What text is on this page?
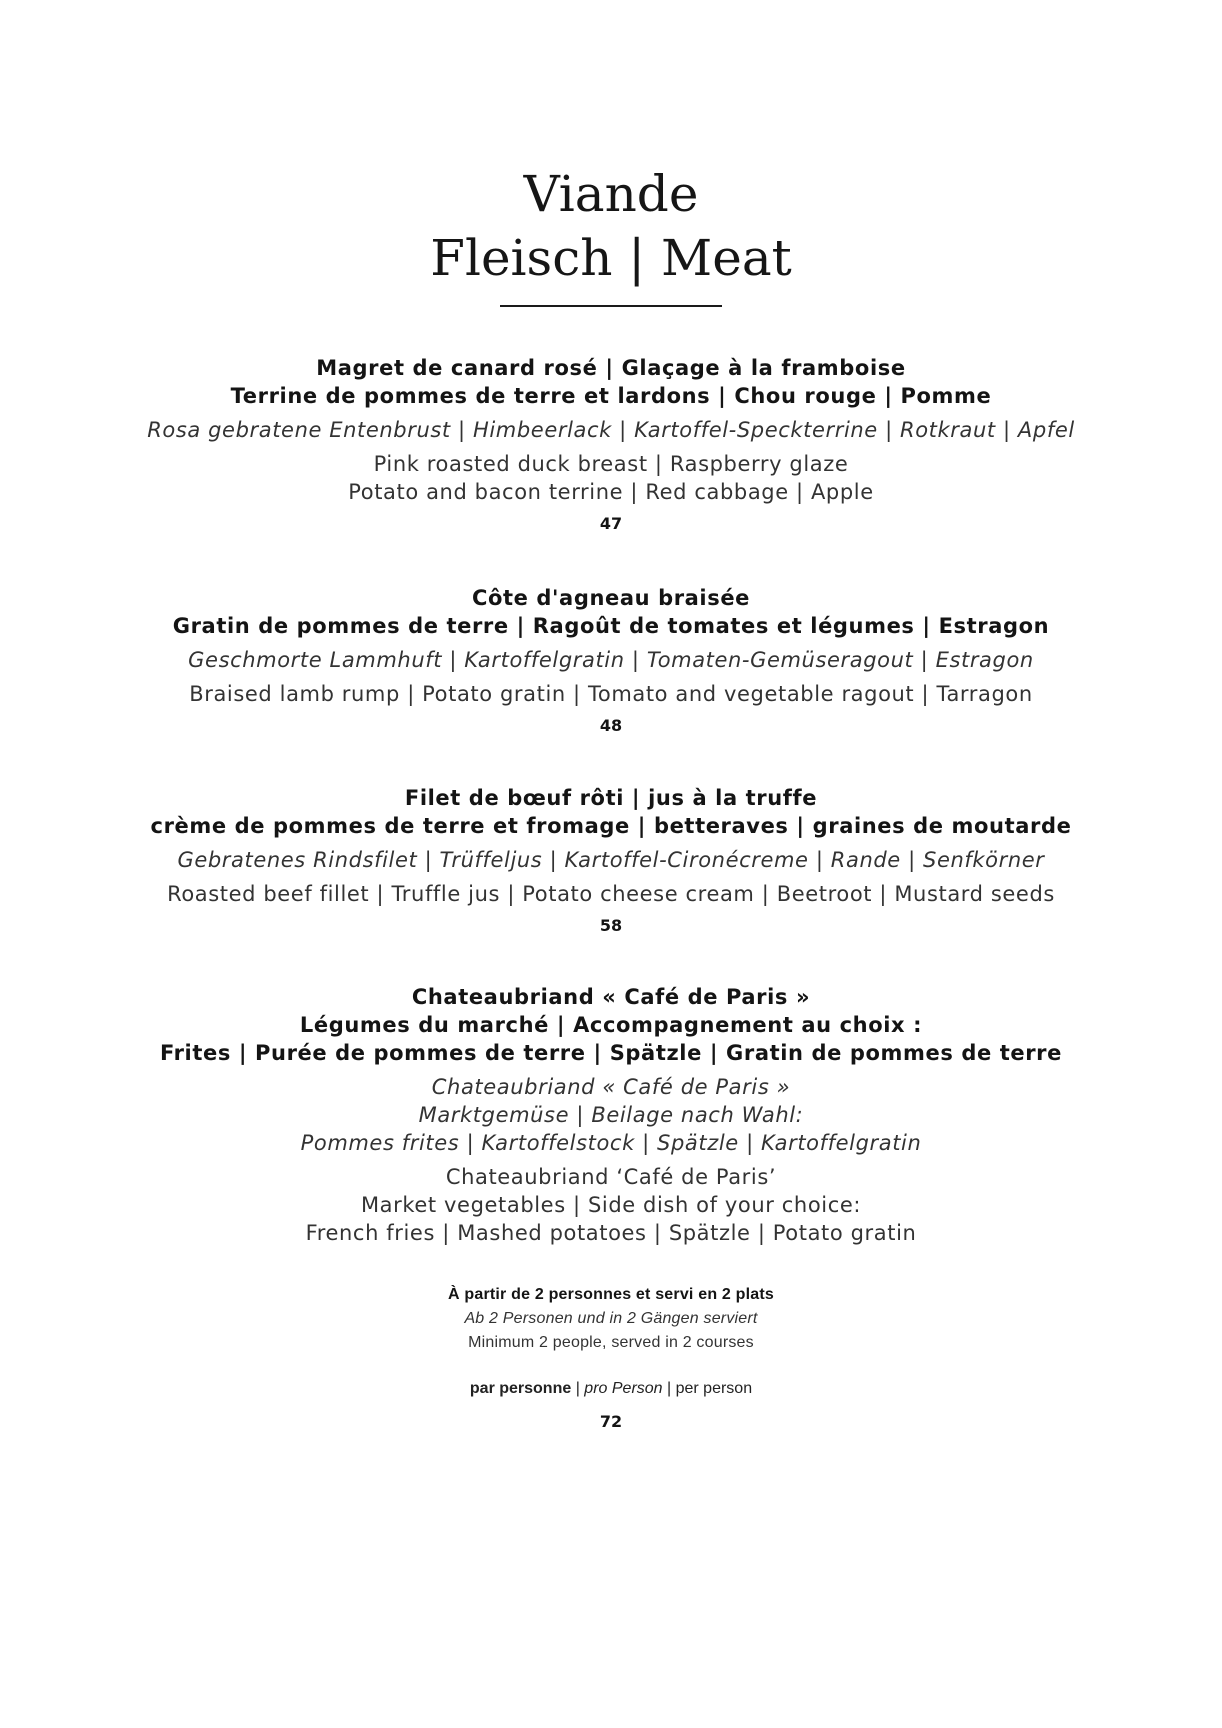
Viande
Fleisch | Meat
Magret de canard rosé | Glaçage à la framboise
Terrine de pommes de terre et lardons | Chou rouge | Pomme
Rosa gebratene Entenbrust | Himbeerlack | Kartoffel-Speckterrine | Rotkraut | Apfel
Pink roasted duck breast | Raspberry glaze
Potato and bacon terrine | Red cabbage | Apple
47
Côte d'agneau braisée
Gratin de pommes de terre | Ragoût de tomates et légumes | Estragon
Geschmorte Lammhuft | Kartoffelgratin | Tomaten-Gemüseragout | Estragon
Braised lamb rump | Potato gratin | Tomato and vegetable ragout | Tarragon
48
Filet de bœuf rôti | jus à la truffe
crème de pommes de terre et fromage | betteraves | graines de moutarde
Gebratenes Rindsfilet | Trüffeljus | Kartoffel-Cironécreme | Rande | Senfkörner
Roasted beef fillet | Truffle jus | Potato cheese cream | Beetroot | Mustard seeds
58
Chateaubriand « Café de Paris »
Légumes du marché | Accompagnement au choix :
Frites | Purée de pommes de terre | Spätzle | Gratin de pommes de terre
Chateaubriand « Café de Paris »
Marktgemüse | Beilage nach Wahl:
Pommes frites | Kartoffelstock | Spätzle | Kartoffelgratin
Chateaubriand ‘Café de Paris’
Market vegetables | Side dish of your choice:
French fries | Mashed potatoes | Spätzle | Potato gratin
À partir de 2 personnes et servi en 2 plats
Ab 2 Personen und in 2 Gängen serviert
Minimum 2 people, served in 2 courses
par personne | pro Person | per person
72
